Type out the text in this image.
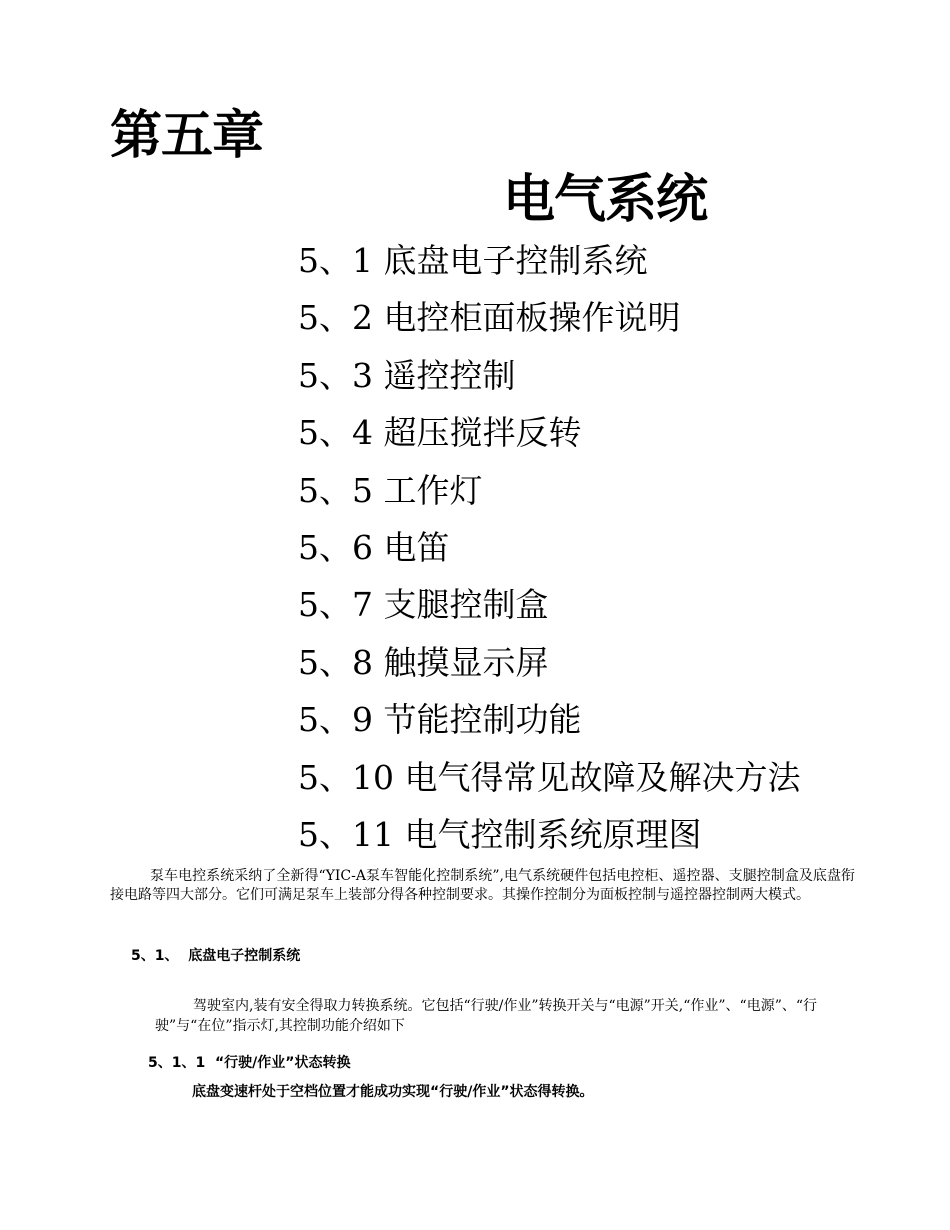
第五章
电气系统
5、1 底盘电子控制系统
5、2 电控柜面板操作说明
5、3 遥控控制
5、4 超压搅拌反转
5、5 工作灯
5、6 电笛
5、7 支腿控制盒
5、8 触摸显示屏
5、9 节能控制功能
5、10 电气得常见故障及解决方法
5、11 电气控制系统原理图

泵车电控系统采纳了全新得“YIC-A泵车智能化控制系统”,电气系统硬件包括电控柜、遥控器、支腿控制盒及底盘衔接电路等四大部分。它们可满足泵车上装部分得各种控制要求。其操作控制分为面板控制与遥控器控制两大模式。

5、1、  底盘电子控制系统

驾驶室内,装有安全得取力转换系统。它包括“行驶/作业”转换开关与“电源”开关,“作业”、“电源”、“行驶”与“在位”指示灯,其控制功能介绍如下

5、1、1  “行驶/作业”状态转换
底盘变速杆处于空档位置才能成功实现“行驶/作业”状态得转换。
